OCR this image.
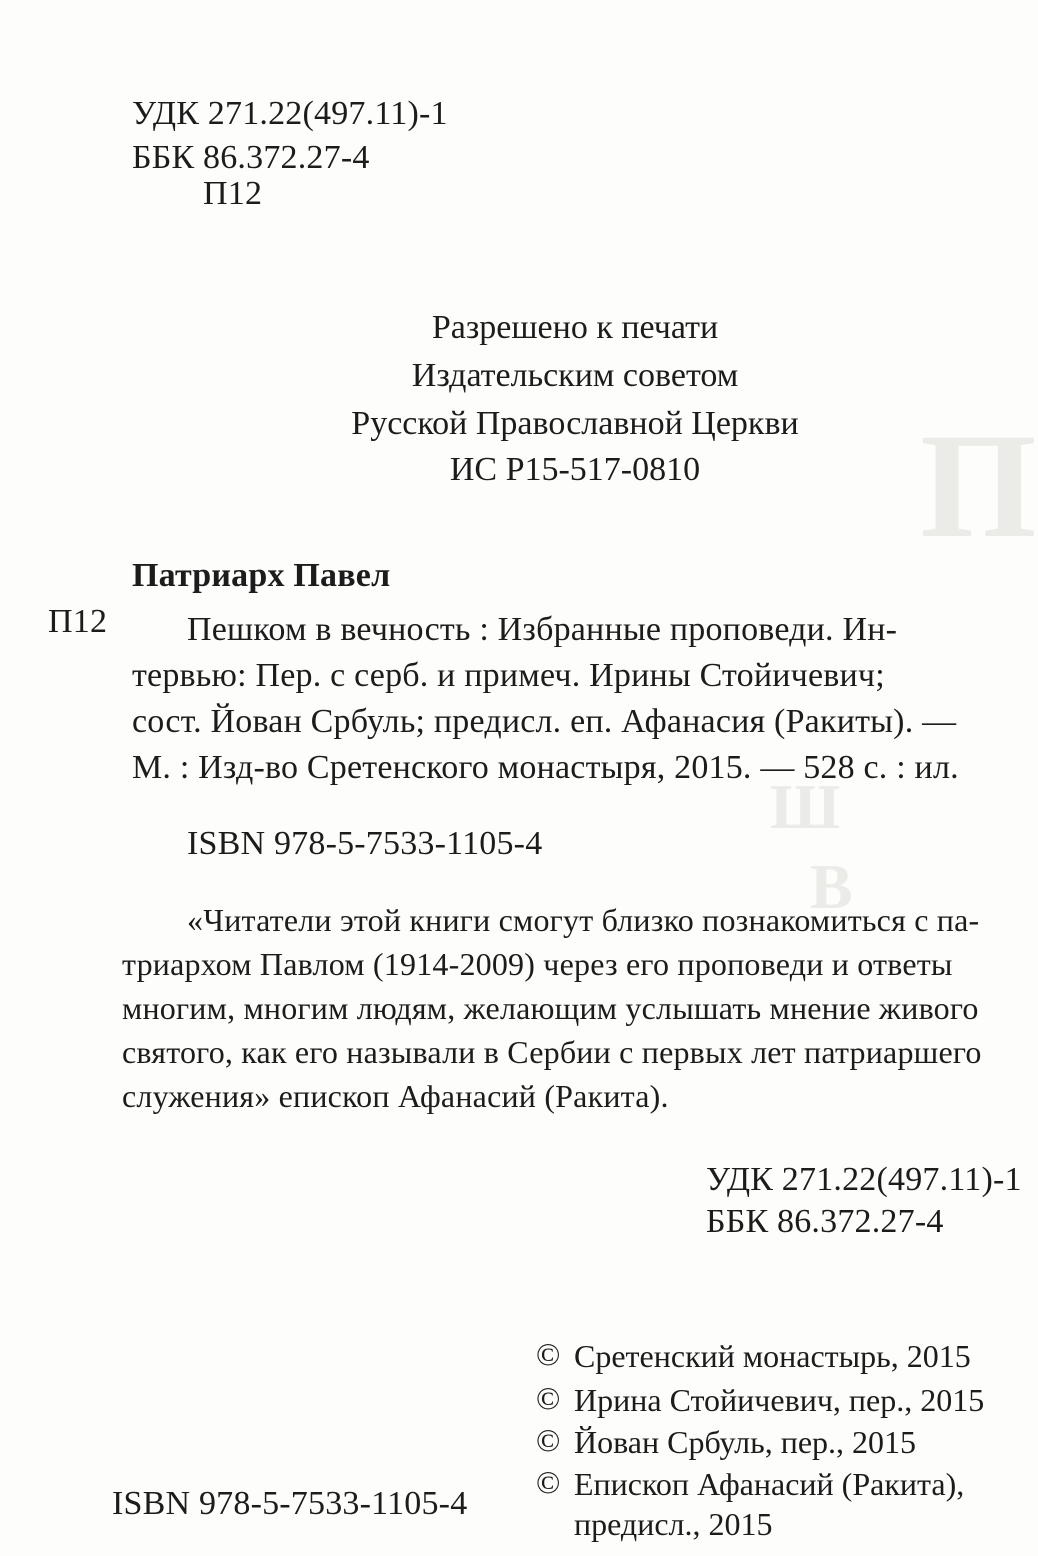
П
Ш
В
УДК 271.22(497.11)-1
ББК 86.372.27-4
П12
Разрешено к печати
Издательским советом
Русской Православной Церкви
ИС Р15-517-0810
Патриарх Павел
П12 Пешком в вечность : Избранные проповеди. Ин-
тервью: Пер. с серб. и примеч. Ирины Стойичевич;
сост. Йован Србуль; предисл. еп. Афанасия (Ракиты). —
М. : Изд-во Сретенского монастыря, 2015. — 528 с. : ил.
ISBN 978-5-7533-1105-4
«Читатели этой книги смогут близко познакомиться с па-
триархом Павлом (1914-2009) через его проповеди и ответы
многим, многим людям, желающим услышать мнение живого
святого, как его называли в Сербии с первых лет патриаршего
служения» епископ Афанасий (Ракита).
УДК 271.22(497.11)-1
ББК 86.372.27-4
© Сретенский монастырь, 2015
© Ирина Стойичевич, пер., 2015
© Йован Србуль, пер., 2015
© Епископ Афанасий (Ракита),
предисл., 2015
ISBN 978-5-7533-1105-4
